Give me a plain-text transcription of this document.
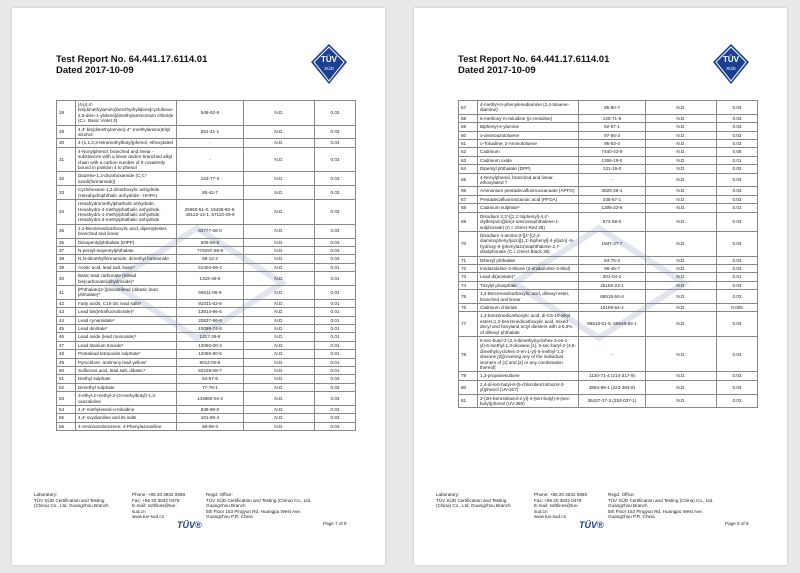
Test Report No. 64.441.17.6114.01
Dated 2017-10-09
TÜV
SÜD
28	[4-[4,4'-bis(dimethylamino)benzhydrylidene]cyclohexa-2,5-dien-1-ylidene]dimethylammonium chloride (C.I. Basic Violet 3)	548-62-9	N.D.	0.03
29	4,4'-bis(dimethylamino)-4''-(methylamino)trityl alcohol	561-41-1	N.D.	0.03
30	4-(1,1,3,3-tetramethylbutyl)phenol, ethoxylated	-	N.D.	0.03
31	4-Nonylphenol, branched and linear - substances with a linear and/or branched alkyl chain with a carbon number of 9 covalently bound in position 4 to phenol	-	N.D.	0.03
32	Diazene-1,2-dicarboxamide (C,C'-azodi(formamide))	123-77-3	N.D.	0.03
33	Cyclohexane-1,2-dicarboxylic anhydride (Hexahydrophthalic anhydride - HHPA)	85-42-7	N.D.	0.03
34	Hexahydromethylphathalic anhydride, Hexahydro-4-methylphathalic anhydride, Hexahydro-1-methylphathalic anhydride, Hexahydro-3-methylphathalic anhydride	25550-51-0, 19438-60-9, 48122-14-1, 57110-29-9	N.D.	0.03
35	1,2-Benzenedicarboxylic acid, dipentylester, branched and linear	84777-06-0	N.D.	0.03
36	Diisopentylphthalate (DIPP)	605-50-5	N.D.	0.03
37	N-pentyl-isopentylphthalate	776297-69-9	N.D.	0.03
38	N,N-dimethylformamide; dimethyl formamide	68-12-2	N.D.	0.03
39	Acetic acid, lead salt, basic*	51404-69-4	N.D.	0.01
40	Basic lead carbonate (trilead bis(carbonate)dihydroxide)*	1319-46-6	N.D.	0.01
41	[Phthalato(2-)]dioxotrilead (dibasic lead phthalate)*	69011-06-9	N.D.	0.01
42	Fatty acids, C16-18, lead salts*	91031-62-8	N.D.	0.01
43	Lead bis(tetrafluoroborate)*	13814-96-5	N.D.	0.01
44	Lead cynamidate*	20837-86-9	N.D.	0.01
45	Lead dinitrate*	10099-74-8	N.D.	0.01
46	Lead oxide (lead monoxide)*	1317-36-8	N.D.	0.01
47	Lead titanium trioxide*	12060-00-3	N.D.	0.01
48	Pentalead tetraoxide sulphate*	12065-90-6	N.D.	0.01
49	Pyrochlore, antimony lead yellow*	8012-00-8	N.D.	0.01
50	Sulfurous acid, lead salt, dibasic*	62229-08-7	N.D.	0.01
51	Diethyl sulphate	64-67-5	N.D.	0.03
52	Dimethyl sulphate	77-78-1	N.D.	0.03
53	3-ethyl-2-methyl-2-(3-methylbutyl)-1,3-oxazolidine	143860-04-2	N.D.	0.03
54	4,4'-methylenedi-o-toluidine	838-88-0	N.D.	0.03
55	4,4'-oxydianiline and its salts	101-80-4	N.D.	0.03
56	4-Aminoazobenzene; 4-Phenylazoaniline	60-09-3	N.D.	0.03
Laboratory:
TÜV SÜD Certification and Testing
(China) Co., Ltd. Guangzhou Branch
Phone: +86 20 3832 0668
Fax: +86 20 3832 0478
E-mail: softlines@tuv-
sud.cn
www.tuv-sud.cn
Regd. Office:
TÜV SÜD Certification and Testing (China) Co., Ltd.
Guangzhou Branch
5th Floor 163 Pingyun Rd, Huangpu West Ave.
Guangzhou P.R. China
TÜV®	Page 7 of 9
Test Report No. 64.441.17.6114.01
Dated 2017-10-09
TÜV
SÜD
57	4-methyl-m-phenylenediamine (2,4-toluene-diamine)	95-80-7	N.D.	0.03
58	6-methoxy-m-toluidine (p-cresidine)	120-71-8	N.D.	0.03
59	Biphenyl-4-ylamine	92-67-1	N.D.	0.03
60	o-aminoazotoluene	97-56-3	N.D.	0.03
61	o-Toluidine; 2-Aminotoluene	95-53-4	N.D.	0.03
62	Cadmium	7440-43-9	N.D.	0.05
63	Cadmium oxide	1306-19-0	N.D.	0.01
64	Dipentyl phthalate (DPP)	131-18-0	N.D.	0.03
65	4-Nonylphenol, branched and linear, ethoxylated †	-	N.D.	0.03
66	Ammonium pentadecafluorooctanoate (APFO)	3825-26-1	N.D.	0.03
67	Pentadecafluorooctanoic acid (PFOA)	335-67-1	N.D.	0.03
68	Cadmium sulphide*	1306-23-6	N.D.	0.01
69	Disodium 3,3'-[[1,1'-biphenyl]-4,4'-diylbis(azo)]bis(4-aminonaphthalene-1-sulphonate) (C.I. Direct Red 28)	573-58-0	N.D.	0.03
70	Disodium 4-amino-3-[[4'-[(2,4-diaminophenyl)azo][1,1'-biphenyl]-4-yl]azo] -5-hydroxy-6-(phenylazo)naphthalene-2,7-disulphonate (C.I. Direct Black 38)	1937-37-7	N.D.	0.03
71	Dihexyl phthalate	84-75-3	N.D.	0.03
72	Imidazolidine-2-thione (2-imidazoline-2-thiol)	96-45-7	N.D.	0.03
73	Lead di(acetate)*	301-04-2	N.D.	0.01
74	Trixylyl phosphate	25155-23-1	N.D.	0.03
75	1,2-Benzenedicarboxylic acid, dihexyl ester, branched and linear	68515-50-4	N.D.	0.03
76	Cadmium chloride	10108-64-2	N.D.	0.005
77	1,2-benzenedicarboxylic acid, di-C6-10-alkyl esters;1,2-benzenedicarboxylic acid, mixed decyl and hexyland octyl diesters with ≥ 0.3% of dihexyl phthalate	68515-51-5, 68648-93-1	N.D.	0.03
78	5-sec-butyl-2-(2,4-dimethylcyclohex-3-en-1-yl)-5-methyl-1,3-dioxane [1], 5-sec-butyl-2-(4,6-dimethylcyclohex-3-en-1-yl)-5-methyl-1,3-dioxane [2][covering any of the individual isomers of [1] and [2] or any combination thereof]	-	N.D.	0.03
79	1,3-propanesultone	1120-71-4 (214-317-9)	N.D.	0.03
80	2,4-di-tert-butyl-6-(5-chlorobenzotriazol-2-yl)phenol (UV-327)	3864-99-1 (223-383-8)	N.D.	0.03
81	2-(2H-benzotriazol-2-yl)-4-(tert-butyl)-6-(sec-butyl)phenol (UV-350)	36437-37-3 (253-037-1)	N.D.	0.03
Laboratory:
TÜV SÜD Certification and Testing
(China) Co., Ltd. Guangzhou Branch
Phone: +86 20 3832 0668
Fax: +86 20 3832 0478
E-mail: softlines@tuv-
sud.cn
www.tuv-sud.cn
Regd. Office:
TÜV SÜD Certification and Testing (China) Co., Ltd.
Guangzhou Branch
5th Floor 163 Pingyun Rd, Huangpu West Ave.
Guangzhou P.R. China
TÜV®	Page 8 of 9
